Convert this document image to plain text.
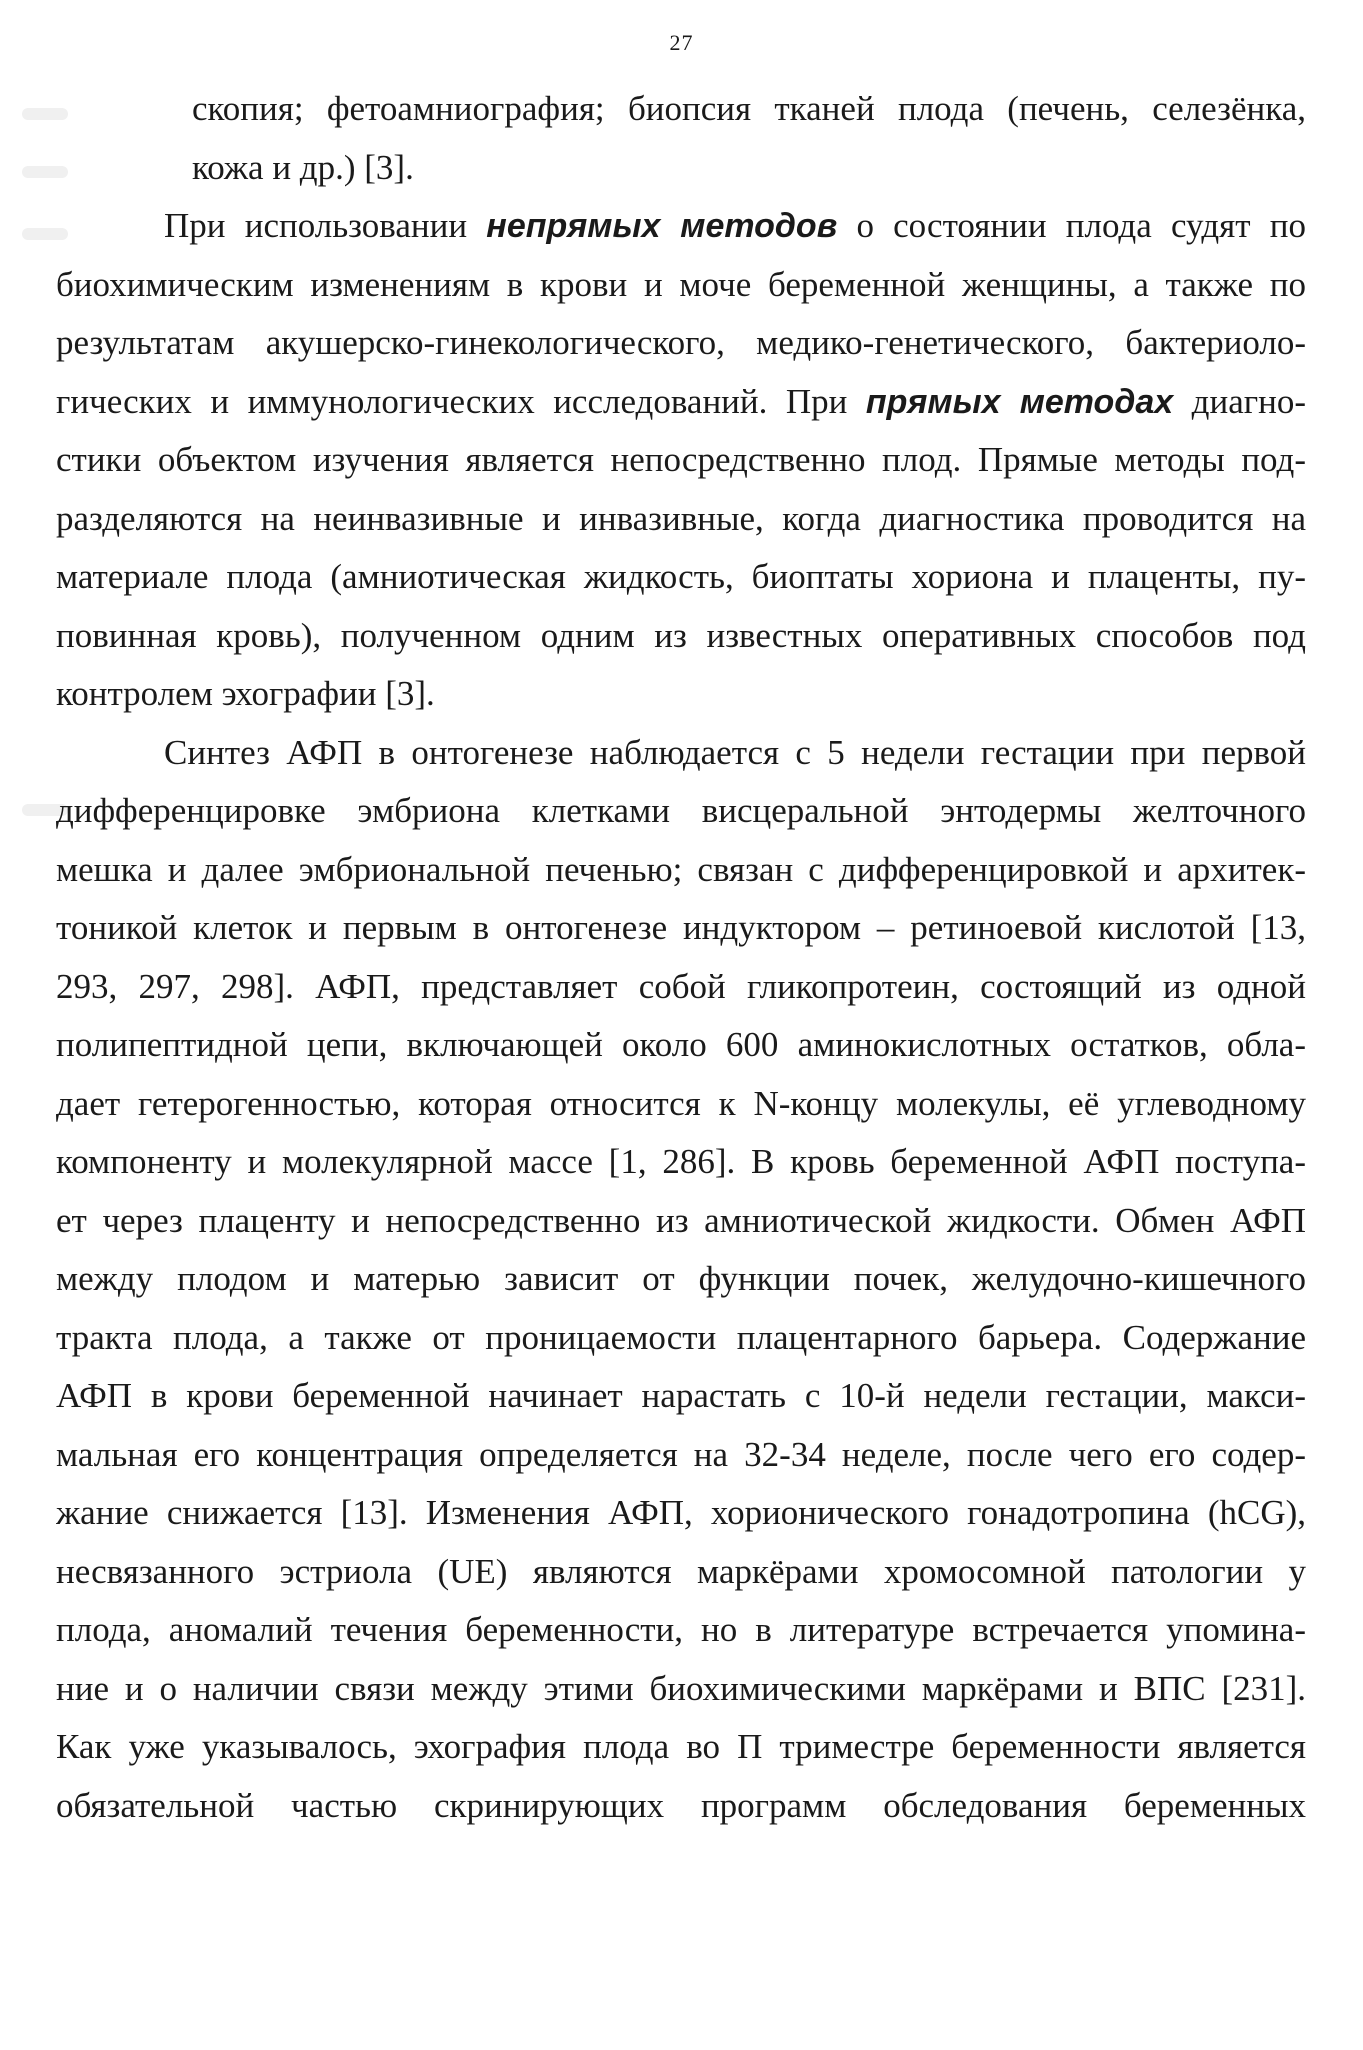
27
скопия; фетоамниография; биопсия тканей плода (печень, селезёнка,
кожа и др.) [3].
При использовании непрямых методов о состоянии плода судят по
биохимическим изменениям в крови и моче беременной женщины, а также по
результатам акушерско-гинекологического, медико-генетического, бактериоло-
гических и иммунологических исследований. При прямых методах диагно-
стики объектом изучения является непосредственно плод. Прямые методы под-
разделяются на неинвазивные и инвазивные, когда диагностика проводится на
материале плода (амниотическая жидкость, биоптаты хориона и плаценты, пу-
повинная кровь), полученном одним из известных оперативных способов под
контролем эхографии [3].
Синтез АФП в онтогенезе наблюдается с 5 недели гестации при первой
дифференцировке эмбриона клетками висцеральной энтодермы желточного
мешка и далее эмбриональной печенью; связан с дифференцировкой и архитек-
тоникой клеток и первым в онтогенезе индуктором – ретиноевой кислотой [13,
293, 297, 298]. АФП, представляет собой гликопротеин, состоящий из одной
полипептидной цепи, включающей около 600 аминокислотных остатков, обла-
дает гетерогенностью, которая относится к N-концу молекулы, её углеводному
компоненту и молекулярной массе [1, 286]. В кровь беременной АФП поступа-
ет через плаценту и непосредственно из амниотической жидкости. Обмен АФП
между плодом и матерью зависит от функции почек, желудочно-кишечного
тракта плода, а также от проницаемости плацентарного барьера. Содержание
АФП в крови беременной начинает нарастать с 10-й недели гестации, макси-
мальная его концентрация определяется на 32-34 неделе, после чего его содер-
жание снижается [13]. Изменения АФП, хорионического гонадотропина (hCG),
несвязанного эстриола (UE) являются маркёрами хромосомной патологии у
плода, аномалий течения беременности, но в литературе встречается упомина-
ние и о наличии связи между этими биохимическими маркёрами и ВПС [231].
Как уже указывалось, эхография плода во П триместре беременности является
обязательной частью скринирующих программ обследования беременных
